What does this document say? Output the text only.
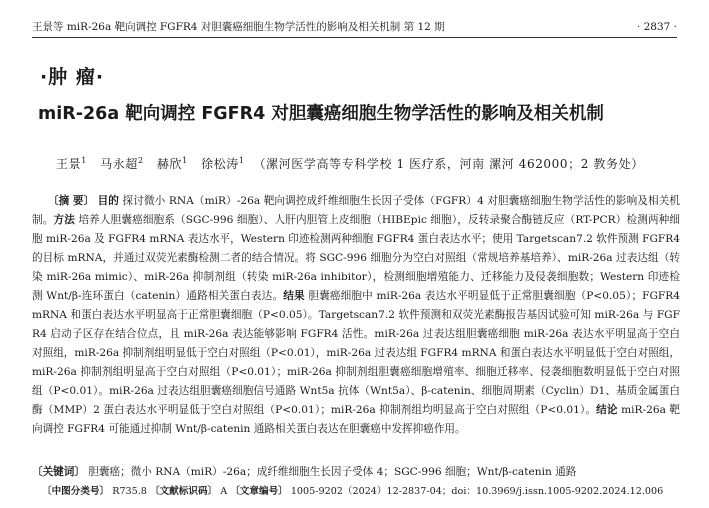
王景等 miR-26a 靶向调控 FGFR4 对胆囊癌细胞生物学活性的影响及相关机制 第 12 期	· 2837 ·
·肿 瘤·
miR-26a 靶向调控 FGFR4 对胆囊癌细胞生物学活性的影响及相关机制
王景$^1$ 马永超$^2$ 赫欣$^1$ 徐松涛$^1$ （漯河医学高等专科学校 1 医疗系，河南 漯河 462000；2 教务处）

〔摘 要〕 目的 探讨微小 RNA（miR）-26a 靶向调控成纤维细胞生长因子受体（FGFR）4 对胆囊癌细胞生物学活性的影响及相关机制。方法 培养人胆囊癌细胞系（SGC-996 细胞）、人肝内胆管上皮细胞（HIBEpic 细胞），反转录聚合酶链反应（RT-PCR）检测两种细胞 miR-26a 及 FGFR4 mRNA 表达水平，Western 印迹检测两种细胞 FGFR4 蛋白表达水平；使用 Targetscan7.2 软件预测 FGFR4 的目标 mRNA，并通过双荧光素酶检测二者的结合情况。将 SGC-996 细胞分为空白对照组（常规培养基培养）、miR-26a 过表达组（转染 miR-26a mimic）、miR-26a 抑制剂组（转染 miR-26a inhibitor），检测细胞增殖能力、迁移能力及侵袭细胞数；Western 印迹检测 Wnt/β-连环蛋白（catenin）通路相关蛋白表达。结果 胆囊癌细胞中 miR-26a 表达水平明显低于正常胆囊细胞（P<0.05）；FGFR4 mRNA 和蛋白表达水平明显高于正常胆囊细胞（P<0.05）。Targetscan7.2 软件预测和双荧光素酶报告基因试验可知 miR-26a 与 FGFR4 启动子区存在结合位点，且 miR-26a 表达能够影响 FGFR4 活性。miR-26a 过表达组胆囊癌细胞 miR-26a 表达水平明显高于空白对照组，miR-26a 抑制剂组明显低于空白对照组（P<0.01），miR-26a 过表达组 FGFR4 mRNA 和蛋白表达水平明显低于空白对照组，miR-26a 抑制剂组明显高于空白对照组（P<0.01）；miR-26a 抑制剂组胆囊癌细胞增殖率、细胞迁移率、侵袭细胞数明显低于空白对照组（P<0.01）。miR-26a 过表达组胆囊癌细胞信号通路 Wnt5a 抗体（Wnt5a）、β-catenin、细胞周期素（Cyclin）D1、基质金属蛋白酶（MMP）2 蛋白表达水平明显低于空白对照组（P<0.01）；miR-26a 抑制剂组均明显高于空白对照组（P<0.01）。结论 miR-26a 靶向调控 FGFR4 可能通过抑制 Wnt/β-catenin 通路相关蛋白表达在胆囊癌中发挥抑癌作用。

〔关键词〕 胆囊癌；微小 RNA（miR）-26a；成纤维细胞生长因子受体 4；SGC-996 细胞；Wnt/β-catenin 通路
〔中图分类号〕 R735.8 〔文献标识码〕 A 〔文章编号〕 1005-9202（2024）12-2837-04；doi：10.3969/j.issn.1005-9202.2024.12.006
